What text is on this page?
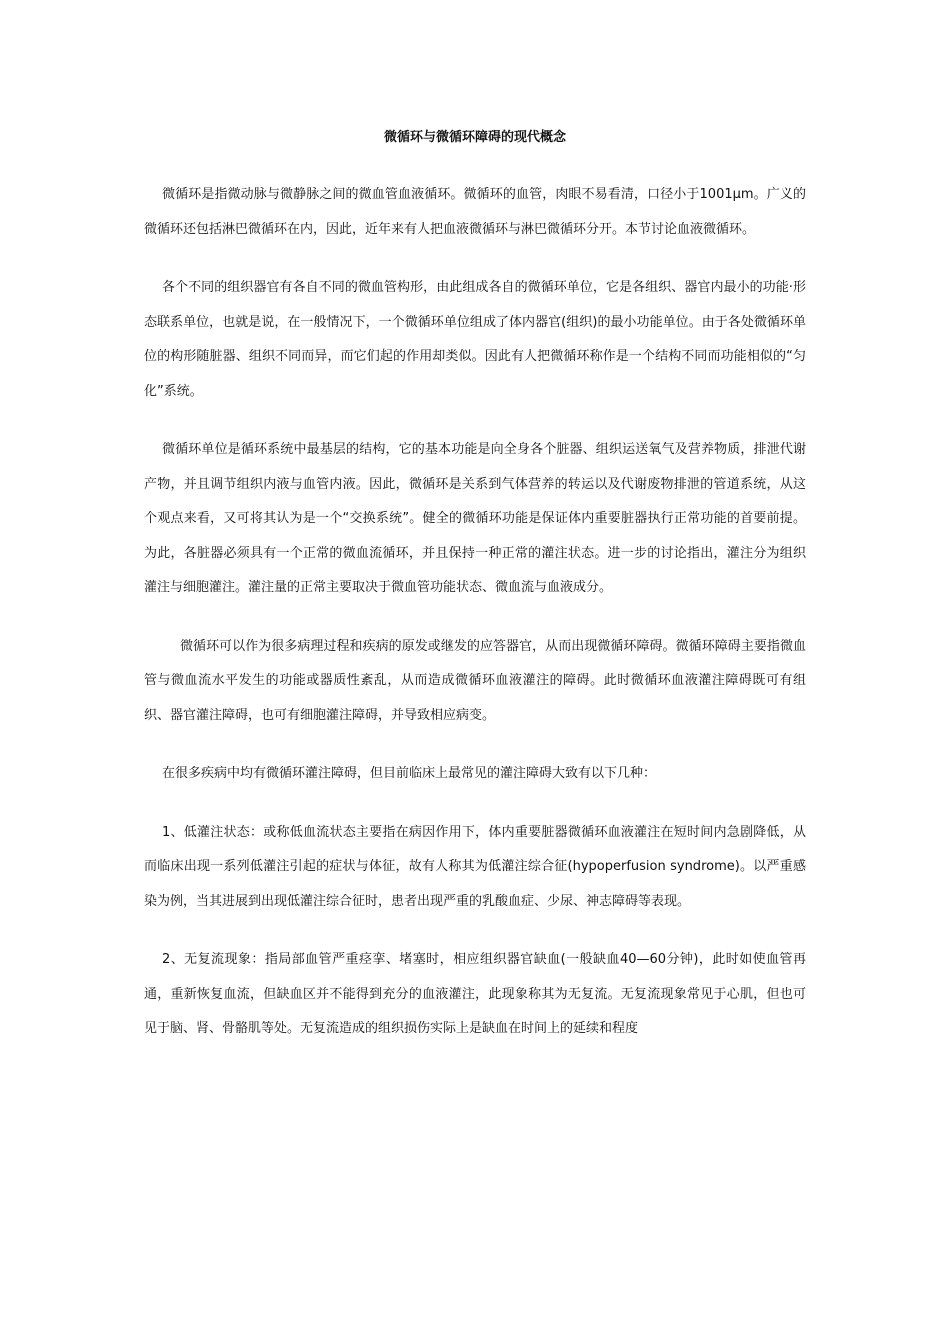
微循环与微循环障碍的现代概念

微循环是指微动脉与微静脉之间的微血管血液循环。微循环的血管，肉眼不易看清，口径小于1001μm。广义的微循环还包括淋巴微循环在内，因此，近年来有人把血液微循环与淋巴微循环分开。本节讨论血液微循环。

各个不同的组织器官有各自不同的微血管构形，由此组成各自的微循环单位，它是各组织、器官内最小的功能·形态联系单位，也就是说，在一般情况下，一个微循环单位组成了体内器官(组织)的最小功能单位。由于各处微循环单位的构形随脏器、组织不同而异，而它们起的作用却类似。因此有人把微循环称作是一个结构不同而功能相似的“匀化”系统。

微循环单位是循环系统中最基层的结构，它的基本功能是向全身各个脏器、组织运送氧气及营养物质，排泄代谢产物，并且调节组织内液与血管内液。因此，微循环是关系到气体营养的转运以及代谢废物排泄的管道系统，从这个观点来看，又可将其认为是一个“交换系统”。健全的微循环功能是保证体内重要脏器执行正常功能的首要前提。为此，各脏器必须具有一个正常的微血流循环，并且保持一种正常的灌注状态。进一步的讨论指出，灌注分为组织灌注与细胞灌注。灌注量的正常主要取决于微血管功能状态、微血流与血液成分。

微循环可以作为很多病理过程和疾病的原发或继发的应答器官，从而出现微循环障碍。微循环障碍主要指微血管与微血流水平发生的功能或器质性紊乱，从而造成微循环血液灌注的障碍。此时微循环血液灌注障碍既可有组织、器官灌注障碍，也可有细胞灌注障碍，并导致相应病变。

在很多疾病中均有微循环灌注障碍，但目前临床上最常见的灌注障碍大致有以下几种：

1、低灌注状态：或称低血流状态主要指在病因作用下，体内重要脏器微循环血液灌注在短时间内急剧降低，从而临床出现一系列低灌注引起的症状与体征，故有人称其为低灌注综合征(hypoperfusion syndrome)。以严重感染为例，当其进展到出现低灌注综合征时，患者出现严重的乳酸血症、少尿、神志障碍等表现。

2、无复流现象：指局部血管严重痉挛、堵塞时，相应组织器官缺血(一般缺血40—60分钟)，此时如使血管再通，重新恢复血流，但缺血区并不能得到充分的血液灌注，此现象称其为无复流。无复流现象常见于心肌，但也可见于脑、肾、骨骼肌等处。无复流造成的组织损伤实际上是缺血在时间上的延续和程度
